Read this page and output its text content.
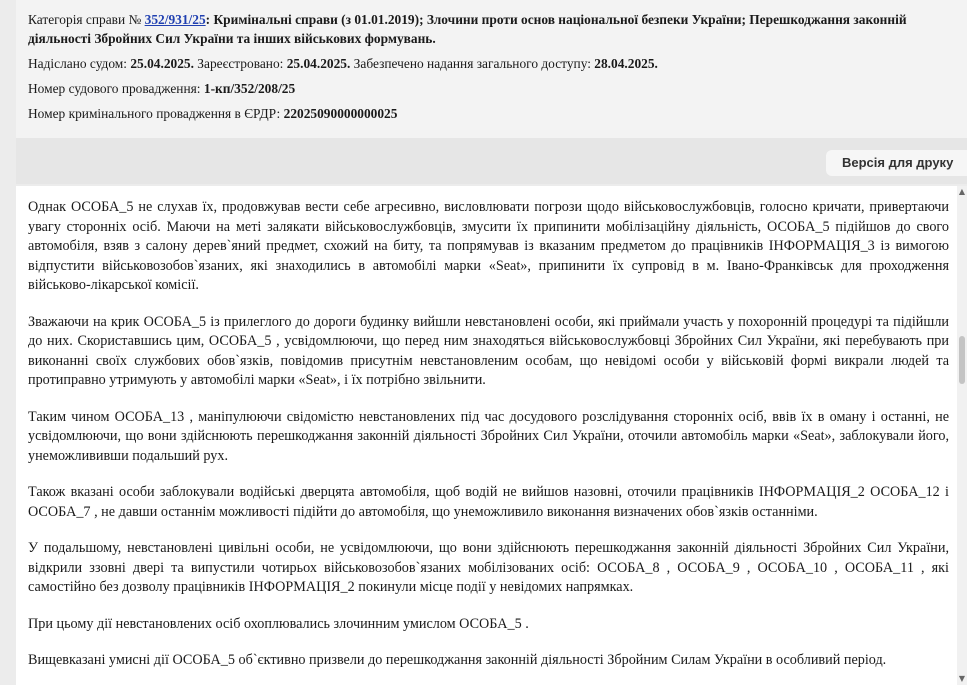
Категорія справи № 352/931/25: Кримінальні справи (з 01.01.2019); Злочини проти основ національної безпеки України; Перешкоджання законній діяльності Збройних Сил України та інших військових формувань.

Надіслано судом: 25.04.2025. Зареєстровано: 25.04.2025. Забезпечено надання загального доступу: 28.04.2025.

Номер судового провадження: 1-кп/352/208/25

Номер кримінального провадження в ЄРДР: 22025090000000025

Версія для друку

Однак ОСОБА_5 не слухав їх, продовжував вести себе агресивно, висловлювати погрози щодо військовослужбовців, голосно кричати, привертаючи увагу сторонніх осіб. Маючи на меті залякати військовослужбовців, змусити їх припинити мобілізаційну діяльність, ОСОБА_5 підійшов до свого автомобіля, взяв з салону дерев`яний предмет, схожий на биту, та попрямував із вказаним предметом до працівників ІНФОРМАЦІЯ_3 із вимогою відпустити військовозобов`язаних, які знаходились в автомобілі марки «Seat», припинити їх супровід в м. Івано-Франківськ для проходження військово-лікарської комісії.

Зважаючи на крик ОСОБА_5 із прилеглого до дороги будинку вийшли невстановлені особи, які приймали участь у похоронній процедурі та підійшли до них. Скориставшись цим, ОСОБА_5 , усвідомлюючи, що перед ним знаходяться військовослужбовці Збройних Сил України, які перебувають при виконанні своїх службових обов`язків, повідомив присутнім невстановленим особам, що невідомі особи у військовій формі викрали людей та протиправно утримують у автомобілі марки «Seat», і їх потрібно звільнити.

Таким чином ОСОБА_13 , маніпулюючи свідомістю невстановлених під час досудового розслідування сторонніх осіб, ввів їх в оману і останні, не усвідомлюючи, що вони здійснюють перешкоджання законній діяльності Збройних Сил України, оточили автомобіль марки «Seat», заблокували його, унеможлививши подальший рух.

Також вказані особи заблокували водійські дверцята автомобіля, щоб водій не вийшов назовні, оточили працівників ІНФОРМАЦІЯ_2 ОСОБА_12 і ОСОБА_7 , не давши останнім можливості підійти до автомобіля, що унеможливило виконання визначених обов`язків останніми.

У подальшому, невстановлені цивільні особи, не усвідомлюючи, що вони здійснюють перешкоджання законній діяльності Збройних Сил України, відкрили ззовні двері та випустили чотирьох військовозобов`язаних мобілізованих осіб: ОСОБА_8 , ОСОБА_9 , ОСОБА_10 , ОСОБА_11 , які самостійно без дозволу працівників ІНФОРМАЦІЯ_2 покинули місце події у невідомих напрямках.

При цьому дії невстановлених осіб охоплювались злочинним умислом ОСОБА_5 .

Вищевказані умисні дії ОСОБА_5 об`єктивно призвели до перешкоджання законній діяльності Збройним Силам України в особливий період.

▲
▼
